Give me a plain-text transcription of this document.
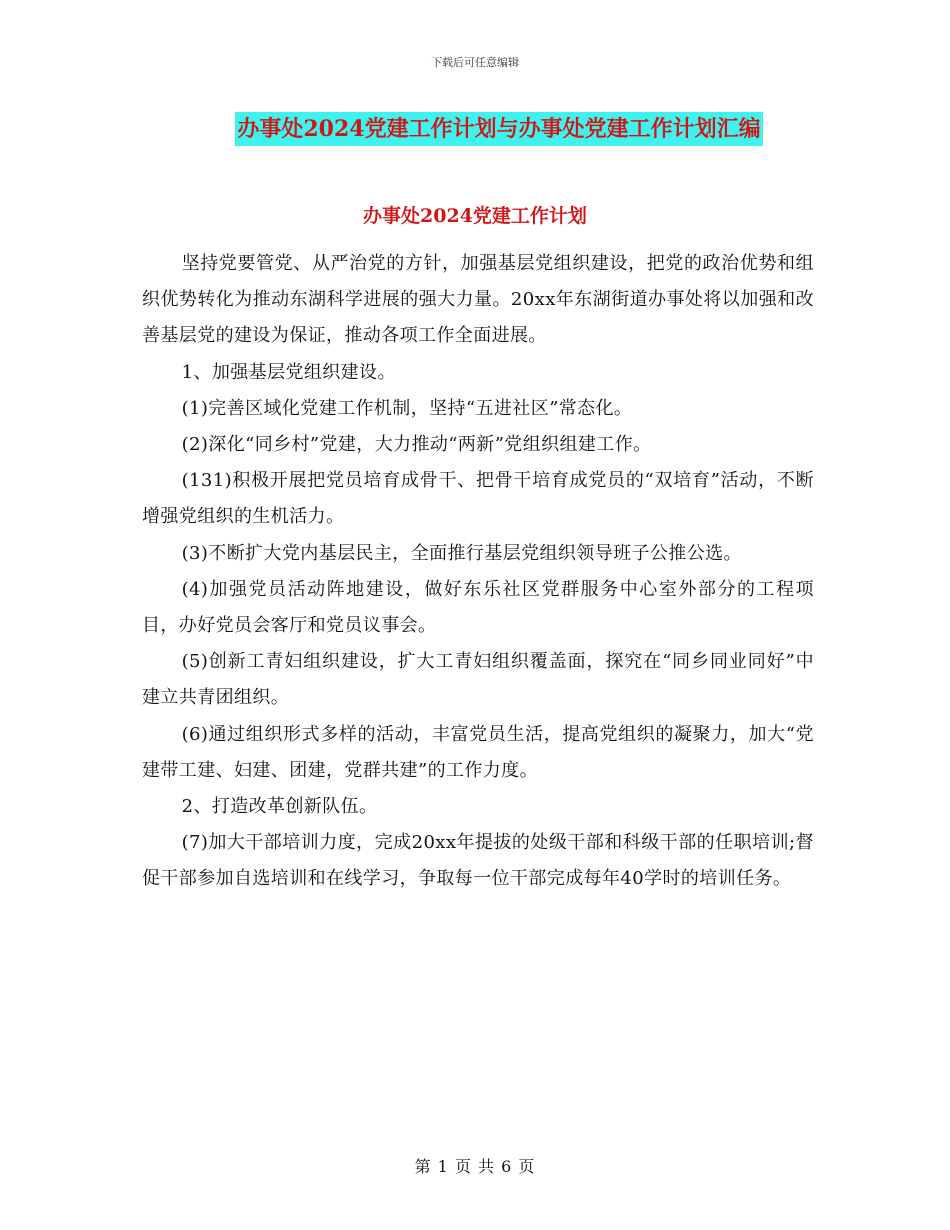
下载后可任意编辑
办事处2024党建工作计划与办事处党建工作计划汇编
办事处2024党建工作计划

坚持党要管党、从严治党的方针，加强基层党组织建设，把党的政治优势和组织优势转化为推动东湖科学进展的强大力量。20xx年东湖街道办事处将以加强和改善基层党的建设为保证，推动各项工作全面进展。

1、加强基层党组织建设。

(1)完善区域化党建工作机制，坚持“五进社区”常态化。

(2)深化“同乡村”党建，大力推动“两新”党组织组建工作。

(131)积极开展把党员培育成骨干、把骨干培育成党员的“双培育”活动，不断增强党组织的生机活力。

(3)不断扩大党内基层民主，全面推行基层党组织领导班子公推公选。

(4)加强党员活动阵地建设，做好东乐社区党群服务中心室外部分的工程项目，办好党员会客厅和党员议事会。

(5)创新工青妇组织建设，扩大工青妇组织覆盖面，探究在“同乡同业同好”中建立共青团组织。

(6)通过组织形式多样的活动，丰富党员生活，提高党组织的凝聚力，加大“党建带工建、妇建、团建，党群共建”的工作力度。

2、打造改革创新队伍。

(7)加大干部培训力度，完成20xx年提拔的处级干部和科级干部的任职培训;督促干部参加自选培训和在线学习，争取每一位干部完成每年40学时的培训任务。

第 1 页 共 6 页
